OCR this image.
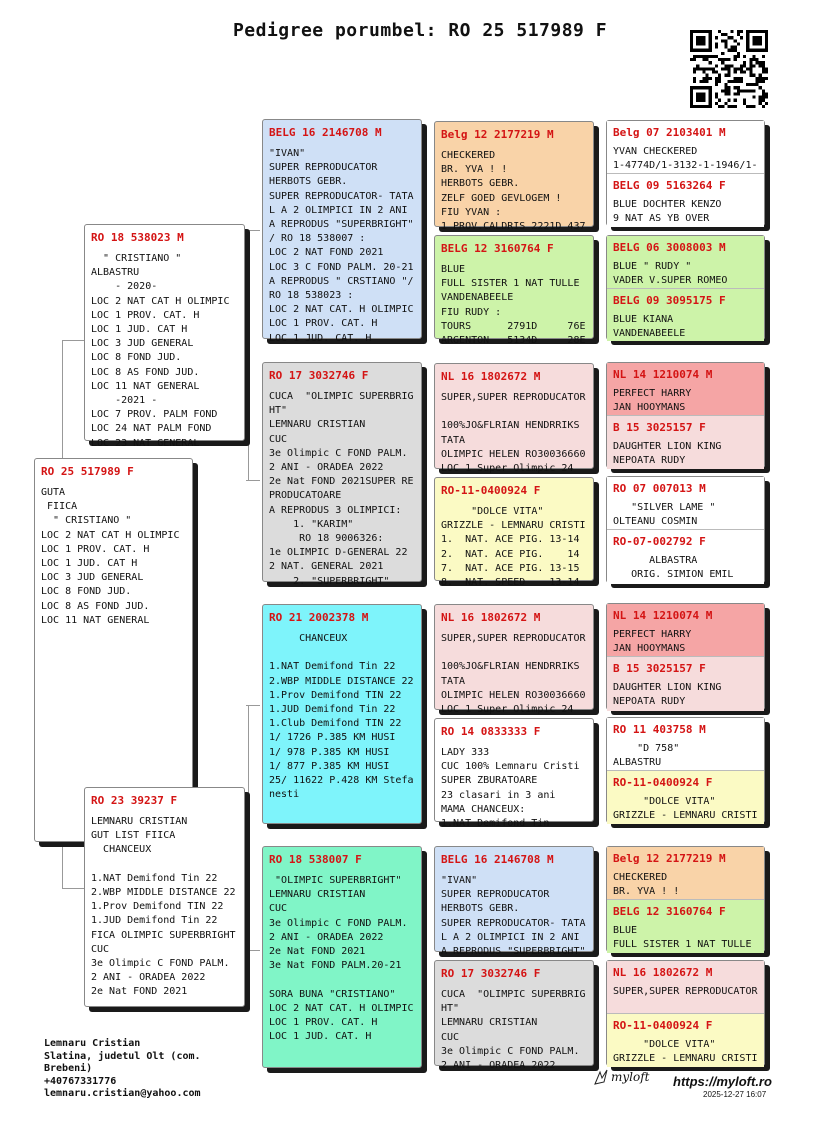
Pedigree porumbel: RO 25 517989 F
RO 25 517989 F
GUTA
FIICA
" CRISTIANO "
LOC 2 NAT CAT H OLIMPIC
LOC 1 PROV. CAT. H
LOC 1 JUD. CAT H
LOC 3 JUD GENERAL
LOC 8 FOND JUD.
LOC 8 AS FOND JUD.
LOC 11 NAT GENERAL
RO 18 538023 M
" CRISTIANO "
ALBASTRU
- 2020-
LOC 2 NAT CAT H OLIMPIC
LOC 1 PROV. CAT. H
LOC 1 JUD. CAT H
LOC 3 JUD GENERAL
LOC 8 FOND JUD.
LOC 8 AS FOND JUD.
LOC 11 NAT GENERAL
-2021 -
LOC 7 PROV. PALM FOND
LOC 24 NAT PALM FOND
LOC 23 NAT GENERAL
RO 23 39237 F
LEMNARU CRISTIAN
GUT LIST FIICA
CHANCEUX

1.NAT Demifond Tin 22
2.WBP MIDDLE DISTANCE 22
1.Prov Demifond TIN 22
1.JUD Demifond Tin 22
FICA OLIMPIC SUPERBRIGHT
CUC
3e Olimpic C FOND PALM.
2 ANI - ORADEA 2022
2e Nat FOND 2021
BELG 16 2146708 M
"IVAN"
SUPER REPRODUCATOR
HERBOTS GEBR.
SUPER REPRODUCATOR- TATA
L A 2 OLIMPICI IN 2 ANI
A REPRODUS "SUPERBRIGHT"
/ RO 18 538007 :
LOC 2 NAT FOND 2021
LOC 3 C FOND PALM. 20-21
A REPRODUS " CRSTIANO "/
RO 18 538023 :
LOC 2 NAT CAT. H OLIMPIC
LOC 1 PROV. CAT. H
LOC 1 JUD. CAT. H
RO 17 3032746 F
CUCA  "OLIMPIC SUPERBRIG
HT"
LEMNARU CRISTIAN
CUC
3e Olimpic C FOND PALM.
2 ANI - ORADEA 2022
2e Nat FOND 2021SUPER RE
PRODUCATOARE
A REPRODUS 3 OLIMPICI:
1. "KARIM"
RO 18 9006326:
1e OLIMPIC D-GENERAL 22
2 NAT. GENERAL 2021
2. "SUPERBRIGHT"
RO 21 2002378 M
CHANCEUX

1.NAT Demifond Tin 22
2.WBP MIDDLE DISTANCE 22
1.Prov Demifond TIN 22
1.JUD Demifond Tin 22
1.Club Demifond TIN 22
1/ 1726 P.385 KM HUSI
1/ 978 P.385 KM HUSI
1/ 877 P.385 KM HUSI
25/ 11622 P.428 KM Stefa
nesti
RO 18 538007 F
"OLIMPIC SUPERBRIGHT"
LEMNARU CRISTIAN
CUC
3e Olimpic C FOND PALM.
2 ANI - ORADEA 2022
2e Nat FOND 2021
3e Nat FOND PALM.20-21

SORA BUNA "CRISTIANO"
LOC 2 NAT CAT. H OLIMPIC
LOC 1 PROV. CAT. H
LOC 1 JUD. CAT. H
Belg 12 2177219 M
CHECKERED
BR. YVA ! !
HERBOTS GEBR.
ZELF GOED GEVLOGEM !
FIU YVAN :
1 PROV.CALDRIS 2221D 437
BELG 12 3160764 F
BLUE
FULL SISTER 1 NAT TULLE
VANDENABEELE
FIU RUDY :
TOURS      2791D     76E
ARGENTON   5134D     28E
NL 16 1802672 M
SUPER,SUPER REPRODUCATOR

100%JO&FLRIAN HENDRRIKS
TATA
OLIMPIC HELEN RO30036660
LOC 1 Super Olimpic 24
RO-11-0400924 F
"DOLCE VITA"
GRIZZLE - LEMNARU CRISTI
1.  NAT. ACE PIG. 13-14
2.  NAT. ACE PIG.    14
7.  NAT. ACE PIG. 13-15
8.  NAT. SPEED    13-14
NL 16 1802672 M
SUPER,SUPER REPRODUCATOR

100%JO&FLRIAN HENDRRIKS
TATA
OLIMPIC HELEN RO30036660
LOC 1 Super Olimpic 24
RO 14 0833333 F
LADY 333
CUC 100% Lemnaru Cristi
SUPER ZBURATOARE
23 clasari in 3 ani
MAMA CHANCEUX:
1.NAT Demifond Tin
BELG 16 2146708 M
"IVAN"
SUPER REPRODUCATOR
HERBOTS GEBR.
SUPER REPRODUCATOR- TATA
L A 2 OLIMPICI IN 2 ANI
A REPRODUS "SUPERBRIGHT"
RO 17 3032746 F
CUCA  "OLIMPIC SUPERBRIG
HT"
LEMNARU CRISTIAN
CUC
3e Olimpic C FOND PALM.
2 ANI - ORADEA 2022
Belg 07 2103401 M
YVAN CHECKERED
1-4774D/1-3132-1-1946/1-
BELG 09 5163264 F
BLUE DOCHTER KENZO
9 NAT AS YB OVER
BELG 06 3008003 M
BLUE " RUDY "
VADER V.SUPER ROMEO
BELG 09 3095175 F
BLUE KIANA
VANDENABEELE
NL 14 1210074 M
PERFECT HARRY
JAN HOOYMANS
B 15 3025157 F
DAUGHTER LION KING
NEPOATA RUDY
RO 07 007013 M
"SILVER LAME "
OLTEANU COSMIN
RO-07-002792 F
ALBASTRA
ORIG. SIMION EMIL
NL 14 1210074 M
PERFECT HARRY
JAN HOOYMANS
B 15 3025157 F
DAUGHTER LION KING
NEPOATA RUDY
RO 11 403758 M
"D 758"
ALBASTRU
RO-11-0400924 F
"DOLCE VITA"
GRIZZLE - LEMNARU CRISTI
Belg 12 2177219 M
CHECKERED
BR. YVA ! !
BELG 12 3160764 F
BLUE
FULL SISTER 1 NAT TULLE
NL 16 1802672 M
SUPER,SUPER REPRODUCATOR
RO-11-0400924 F
"DOLCE VITA"
GRIZZLE - LEMNARU CRISTI
Lemnaru Cristian
Slatina, judetul Olt (com.
Brebeni)
+40767331776
lemnaru.cristian@yahoo.com
myloft https://myloft.ro
2025-12-27 16:07
